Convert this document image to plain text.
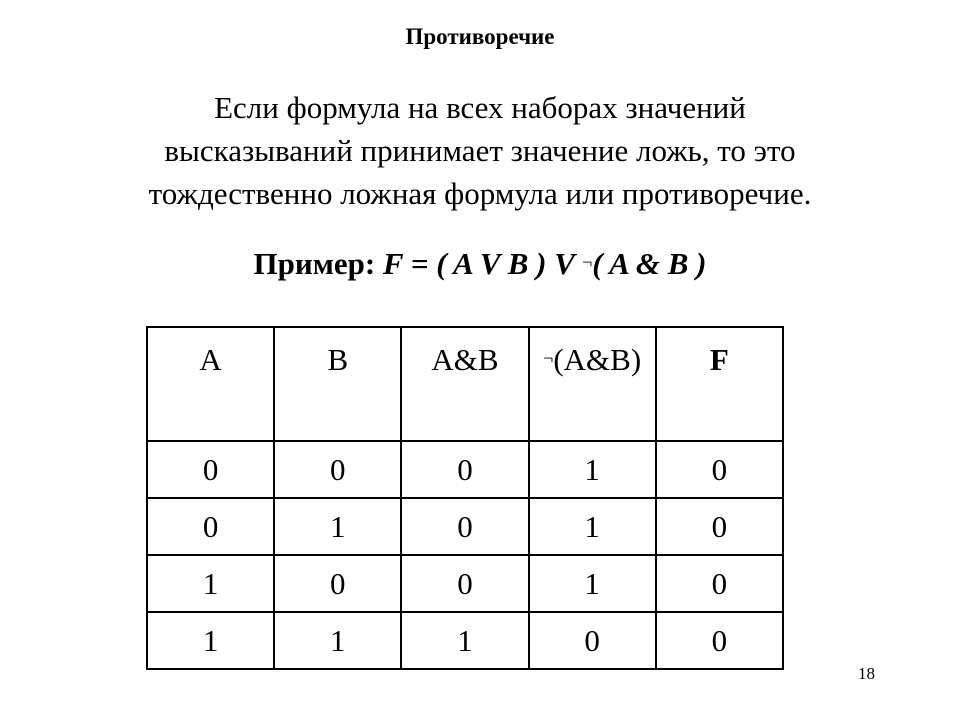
Противоречие
Если формула на всех наборах значений
высказываний принимает значение ложь, то это
тождественно ложная формула или противоречие.
Пример: F = ( A V B ) V ¬( A & B )
A	B	A&B	¬(A&B)	F
0	0	0	1	0
0	1	0	1	0
1	0	0	1	0
1	1	1	0	0
18
